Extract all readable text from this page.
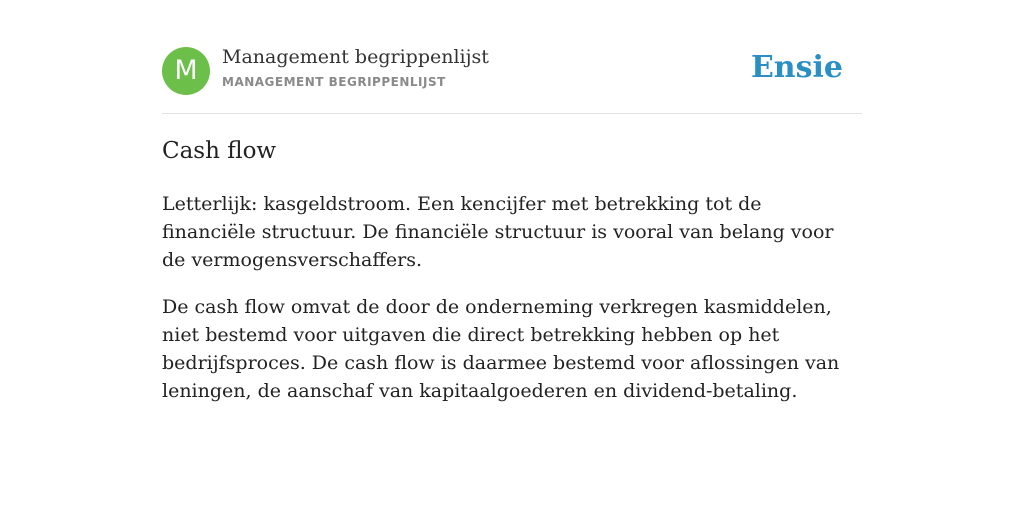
M	Management begrippenlijst
MANAGEMENT BEGRIPPENLIJST	Ensie
Cash flow

Letterlijk: kasgeldstroom. Een kencijfer met betrekking tot de financiële structuur. De financiële structuur is vooral van belang voor de vermogensverschaffers.

De cash flow omvat de door de onderneming verkregen kasmiddelen, niet bestemd voor uitgaven die direct betrekking hebben op het bedrijfsproces. De cash flow is daarmee bestemd voor aflossingen van leningen, de aanschaf van kapitaalgoederen en dividend-betaling.
